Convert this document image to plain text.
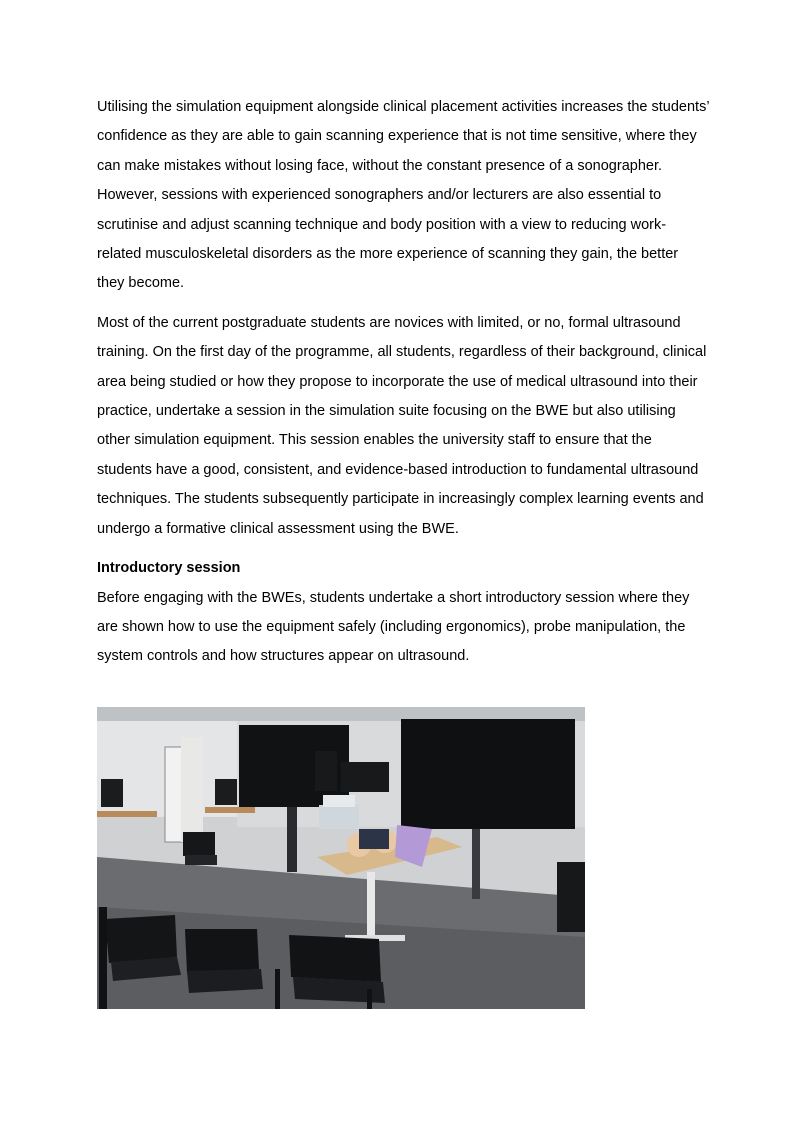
Utilising the simulation equipment alongside clinical placement activities increases the students’ confidence as they are able to gain scanning experience that is not time sensitive, where they can make mistakes without losing face, without the constant presence of a sonographer. However, sessions with experienced sonographers and/or lecturers are also essential to scrutinise and adjust scanning technique and body position with a view to reducing work-related musculoskeletal disorders as the more experience of scanning they gain, the better they become.

Most of the current postgraduate students are novices with limited, or no, formal ultrasound training. On the first day of the programme, all students, regardless of their background, clinical area being studied or how they propose to incorporate the use of medical ultrasound into their practice, undertake a session in the simulation suite focusing on the BWE but also utilising other simulation equipment. This session enables the university staff to ensure that the students have a good, consistent, and evidence-based introduction to fundamental ultrasound techniques. The students subsequently participate in increasingly complex learning events and undergo a formative clinical assessment using the BWE.

Introductory session

Before engaging with the BWEs, students undertake a short introductory session where they are shown how to use the equipment safely (including ergonomics), probe manipulation, the system controls and how structures appear on ultrasound.
